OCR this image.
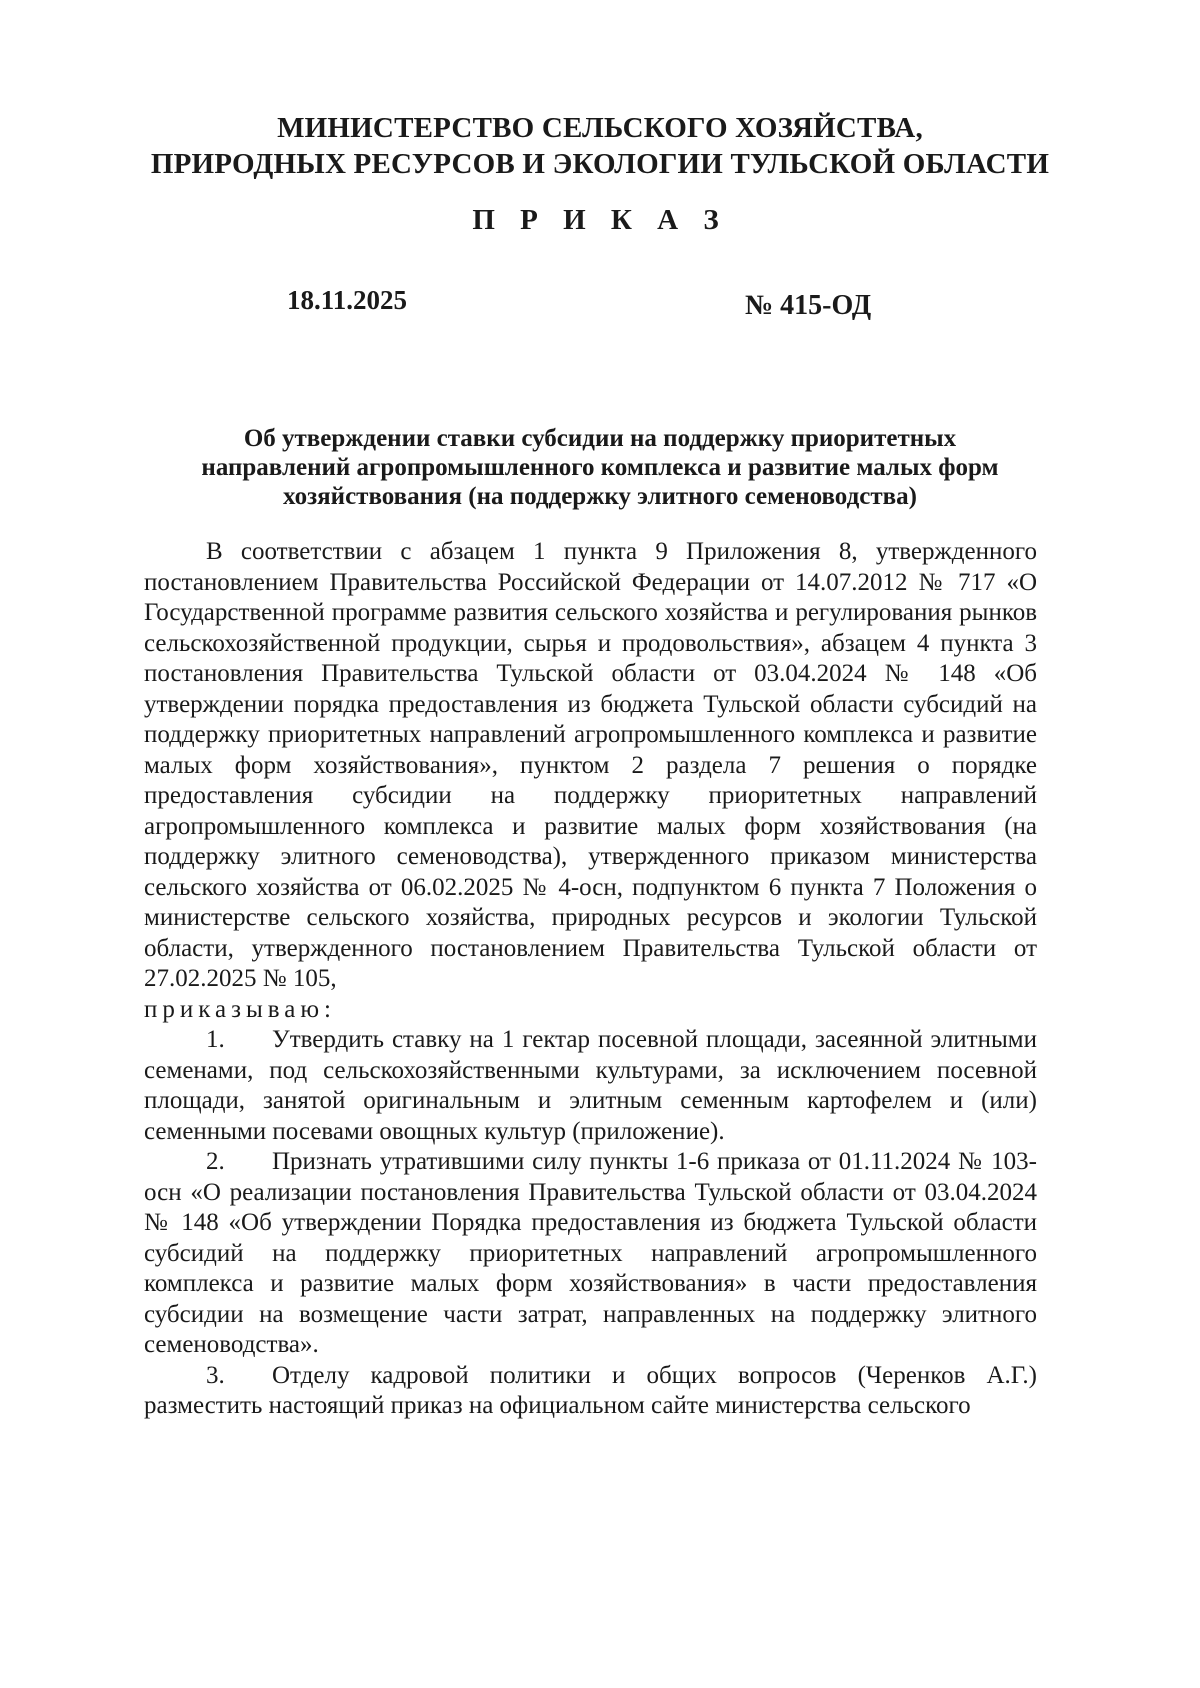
МИНИСТЕРСТВО СЕЛЬСКОГО ХОЗЯЙСТВА,
ПРИРОДНЫХ РЕСУРСОВ И ЭКОЛОГИИ ТУЛЬСКОЙ ОБЛАСТИ
П Р И К А З
18.11.2025	№ 415-ОД
Об утверждении ставки субсидии на поддержку приоритетных
направлений агропромышленного комплекса и развитие малых форм
хозяйствования (на поддержку элитного семеноводства)

В соответствии с абзацем 1 пункта 9 Приложения 8, утвержденного постановлением Правительства Российской Федерации от 14.07.2012 № 717 «О Государственной программе развития сельского хозяйства и регулирования рынков сельскохозяйственной продукции, сырья и продовольствия», абзацем 4 пункта 3 постановления Правительства Тульской области от 03.04.2024 № 148 «Об утверждении порядка предоставления из бюджета Тульской области субсидий на поддержку приоритетных направлений агропромышленного комплекса и развитие малых форм хозяйствования», пунктом 2 раздела 7 решения о порядке предоставления субсидии на поддержку приоритетных направлений агропромышленного комплекса и развитие малых форм хозяйствования (на поддержку элитного семеноводства), утвержденного приказом министерства сельского хозяйства от 06.02.2025 № 4-осн, подпунктом 6 пункта 7 Положения о министерстве сельского хозяйства, природных ресурсов и экологии Тульской области, утвержденного постановлением Правительства Тульской области от 27.02.2025 № 105,

приказываю:

1. Утвердить ставку на 1 гектар посевной площади, засеянной элитными семенами, под сельскохозяйственными культурами, за исключением посевной площади, занятой оригинальным и элитным семенным картофелем и (или) семенными посевами овощных культур (приложение).

2. Признать утратившими силу пункты 1-6 приказа от 01.11.2024 № 103-осн «О реализации постановления Правительства Тульской области от 03.04.2024 № 148 «Об утверждении Порядка предоставления из бюджета Тульской области субсидий на поддержку приоритетных направлений агропромышленного комплекса и развитие малых форм хозяйствования» в части предоставления субсидии на возмещение части затрат, направленных на поддержку элитного семеноводства».

3. Отделу кадровой политики и общих вопросов (Черенков А.Г.) разместить настоящий приказ на официальном сайте министерства сельского
